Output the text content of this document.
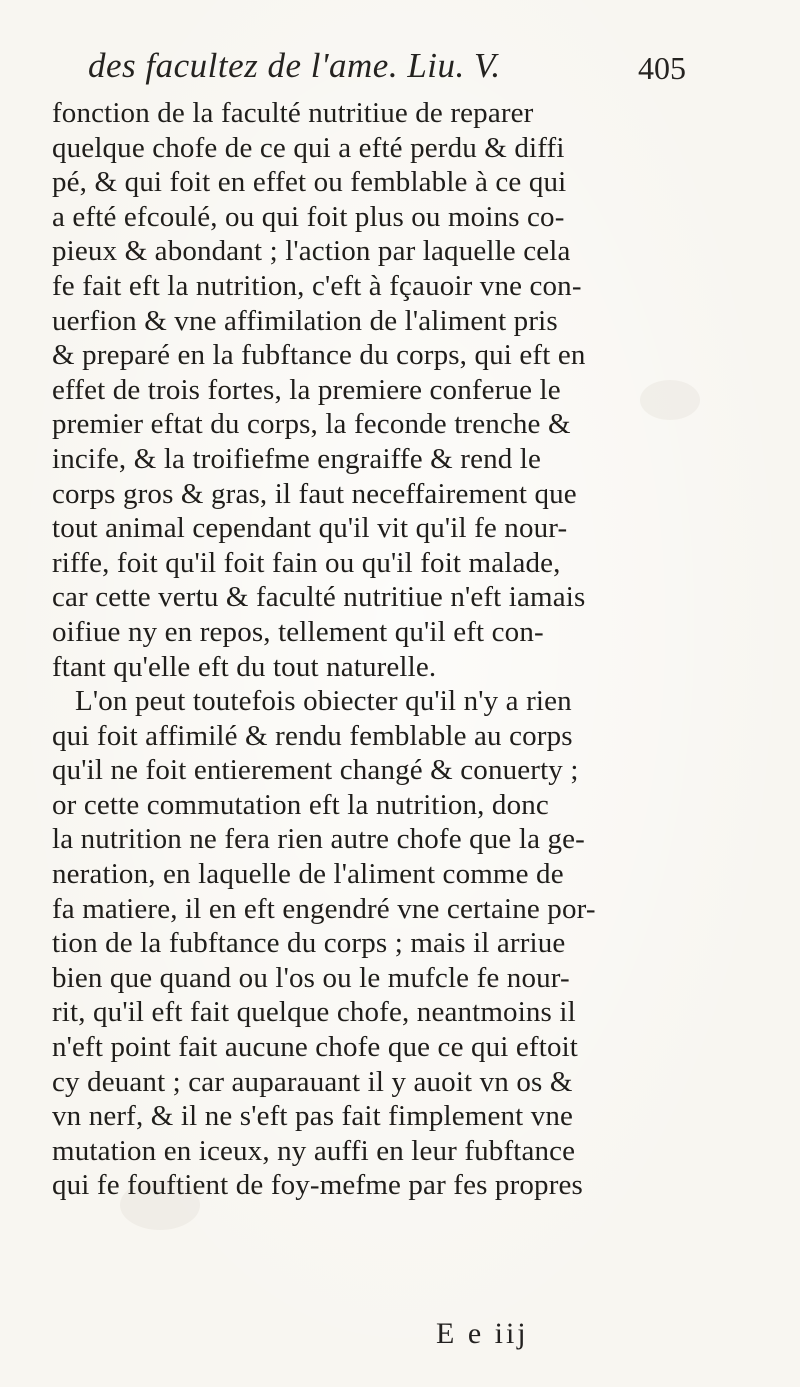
des facultez de l'ame. Liu. V.	405
fonction de la faculté nutritiue de reparer
quelque chofe de ce qui a efté perdu & diffi
pé, & qui foit en effet ou femblable à ce qui
a efté efcoulé, ou qui foit plus ou moins co-
pieux & abondant ; l'action par laquelle cela
fe fait eft la nutrition, c'eft à fçauoir vne con-
uerfion & vne affimilation de l'aliment pris
& preparé en la fubftance du corps, qui eft en
effet de trois fortes, la premiere conferue le
premier eftat du corps, la feconde trenche &
incife, & la troifiefme engraiffe & rend le
corps gros & gras, il faut neceffairement que
tout animal cependant qu'il vit qu'il fe nour-
riffe, foit qu'il foit fain ou qu'il foit malade,
car cette vertu & faculté nutritiue n'eft iamais
oifiue ny en repos, tellement qu'il eft con-
ftant qu'elle eft du tout naturelle.
L'on peut toutefois obiecter qu'il n'y a rien
qui foit affimilé & rendu femblable au corps
qu'il ne foit entierement changé & conuerty ;
or cette commutation eft la nutrition, donc
la nutrition ne fera rien autre chofe que la ge-
neration, en laquelle de l'aliment comme de
fa matiere, il en eft engendré vne certaine por-
tion de la fubftance du corps ; mais il arriue
bien que quand ou l'os ou le mufcle fe nour-
rit, qu'il eft fait quelque chofe, neantmoins il
n'eft point fait aucune chofe que ce qui eftoit
cy deuant ; car auparauant il y auoit vn os &
vn nerf, & il ne s'eft pas fait fimplement vne
mutation en iceux, ny auffi en leur fubftance
qui fe fouftient de foy-mefme par fes propres
E e iij
